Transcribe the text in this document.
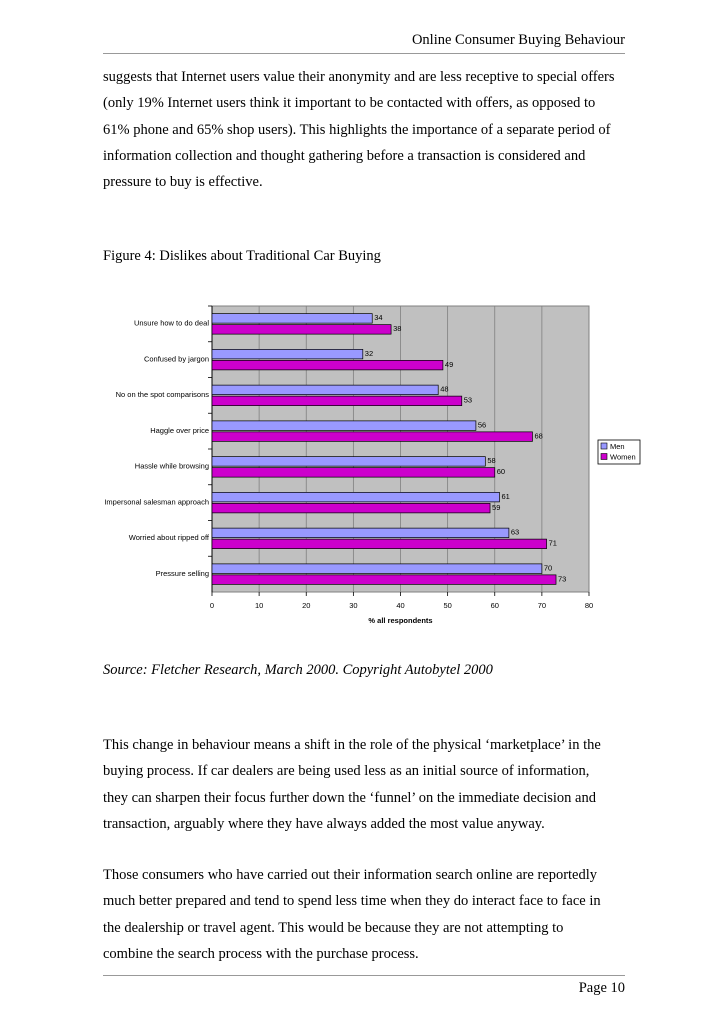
Online Consumer Buying Behaviour
suggests that Internet users value their anonymity and are less receptive to special offers
(only 19% Internet users think it important to be contacted with offers, as opposed to
61% phone and 65% shop users). This highlights the importance of a separate period of
information collection and thought gathering before a transaction is considered and
pressure to buy is effective.
Figure 4: Dislikes about Traditional Car Buying
0	10	20	30	40	50	60	70	80
Unsure how to do deal
34
38
Confused by jargon
32
49
No on the spot comparisons
48
53
Haggle over price
56
68
Hassle while browsing
58
60
Impersonal salesman approach
61
59
Worried about ripped off
63
71
Pressure selling
70
73
% all respondents
Men
Women
Source: Fletcher Research, March 2000. Copyright Autobytel 2000
This change in behaviour means a shift in the role of the physical ‘marketplace’ in the
buying process. If car dealers are being used less as an initial source of information,
they can sharpen their focus further down the ‘funnel’ on the immediate decision and
transaction, arguably where they have always added the most value anyway.
Those consumers who have carried out their information search online are reportedly
much better prepared and tend to spend less time when they do interact face to face in
the dealership or travel agent. This would be because they are not attempting to
combine the search process with the purchase process.
Page 10
